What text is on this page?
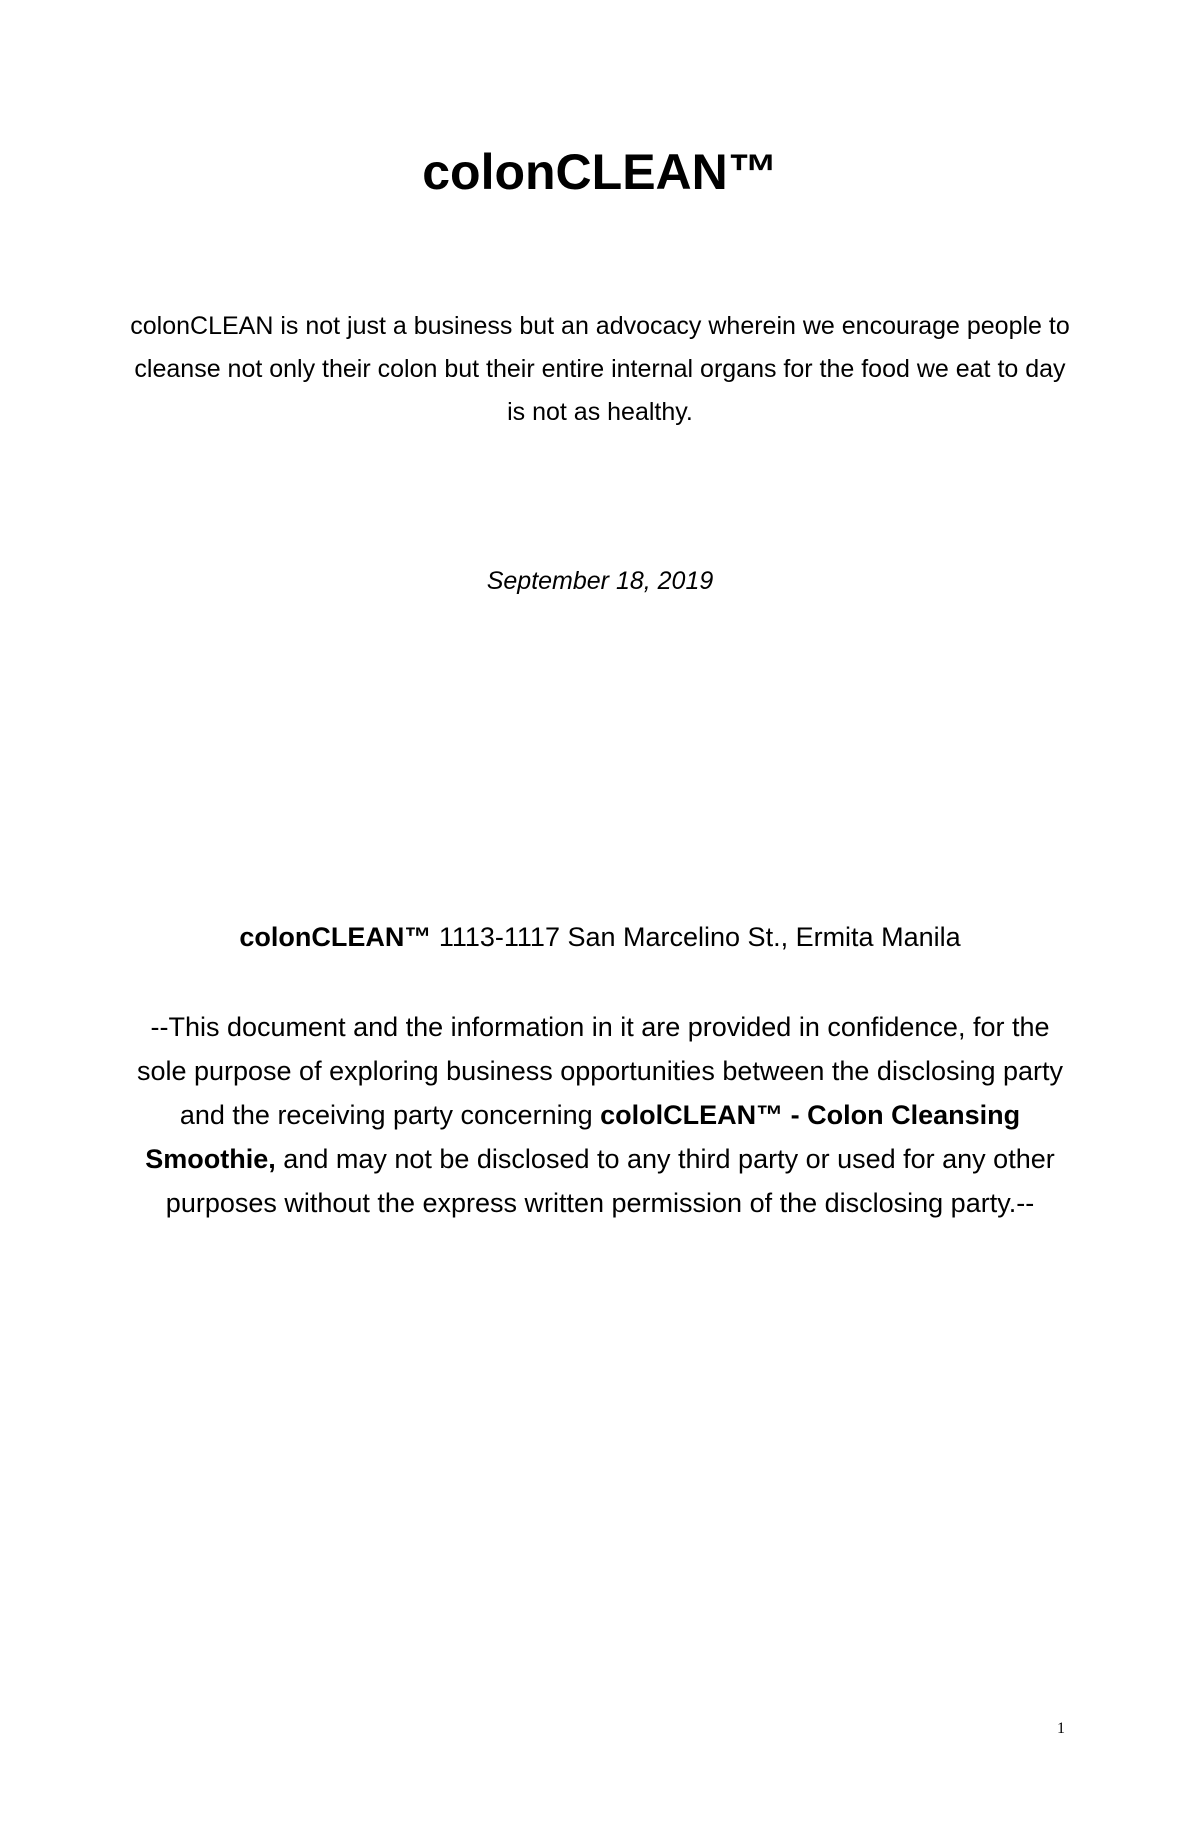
colonCLEAN™
colonCLEAN is not just a business but an advocacy wherein we encourage people to cleanse not only their colon but their entire internal organs for the food we eat to day is not as healthy.
September 18, 2019
colonCLEAN™ 1113-1117 San Marcelino St., Ermita Manila
--This document and the information in it are provided in confidence, for the sole purpose of exploring business opportunities between the disclosing party and the receiving party concerning cololCLEAN™ - Colon Cleansing Smoothie, and may not be disclosed to any third party or used for any other purposes without the express written permission of the disclosing party.--
1
